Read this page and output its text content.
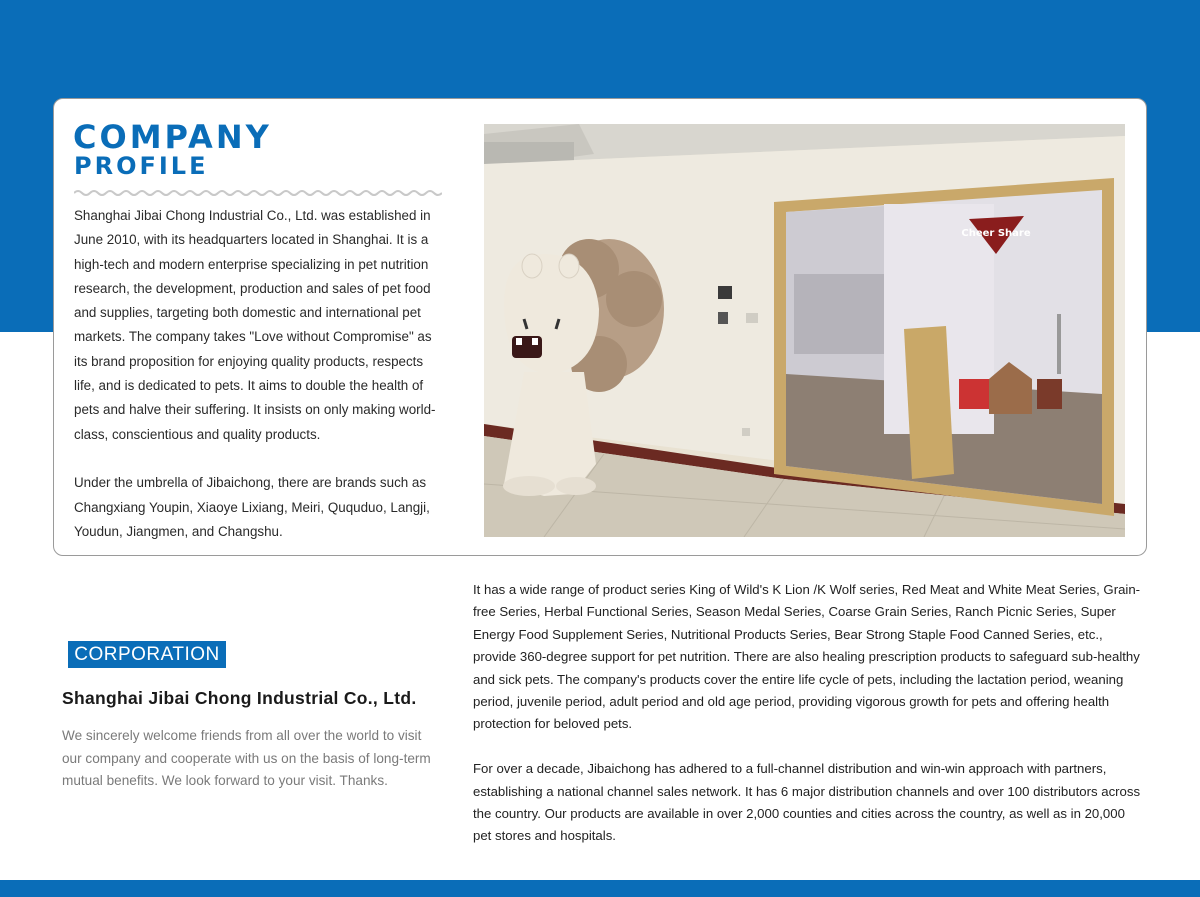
COMPANY
PROFILE

Shanghai Jibai Chong Industrial Co., Ltd. was established in June 2010, with its headquarters located in Shanghai. It is a high-tech and modern enterprise specializing in pet nutrition research, the development, production and sales of pet food and supplies, targeting both domestic and international pet markets. The company takes "Love without Compromise" as its brand proposition for enjoying quality products, respects life, and is dedicated to pets. It aims to double the health of pets and halve their suffering. It insists on only making world-class, conscientious and quality products.

Under the umbrella of Jibaichong, there are brands such as Changxiang Youpin, Xiaoye Lixiang, Meiri, Ququduo, Langji, Youdun, Jiangmen, and Changshu.

Cheer Share
CORPORATION
Shanghai Jibai Chong Industrial Co., Ltd.

We sincerely welcome friends from all over the world to visit our company and cooperate with us on the basis of long-term mutual benefits. We look forward to your visit. Thanks.

It has a wide range of product series King of Wild's K Lion /K Wolf series, Red Meat and White Meat Series, Grain-free Series, Herbal Functional Series, Season Medal Series, Coarse Grain Series, Ranch Picnic Series, Super Energy Food Supplement Series, Nutritional Products Series, Bear Strong Staple Food Canned Series, etc., provide 360-degree support for pet nutrition. There are also healing prescription products to safeguard sub-healthy and sick pets. The company's products cover the entire life cycle of pets, including the lactation period, weaning period, juvenile period, adult period and old age period, providing vigorous growth for pets and offering health protection for beloved pets.

For over a decade, Jibaichong has adhered to a full-channel distribution and win-win approach with partners, establishing a national channel sales network. It has 6 major distribution channels and over 100 distributors across the country. Our products are available in over 2,000 counties and cities across the country, as well as in 20,000 pet stores and hospitals.
